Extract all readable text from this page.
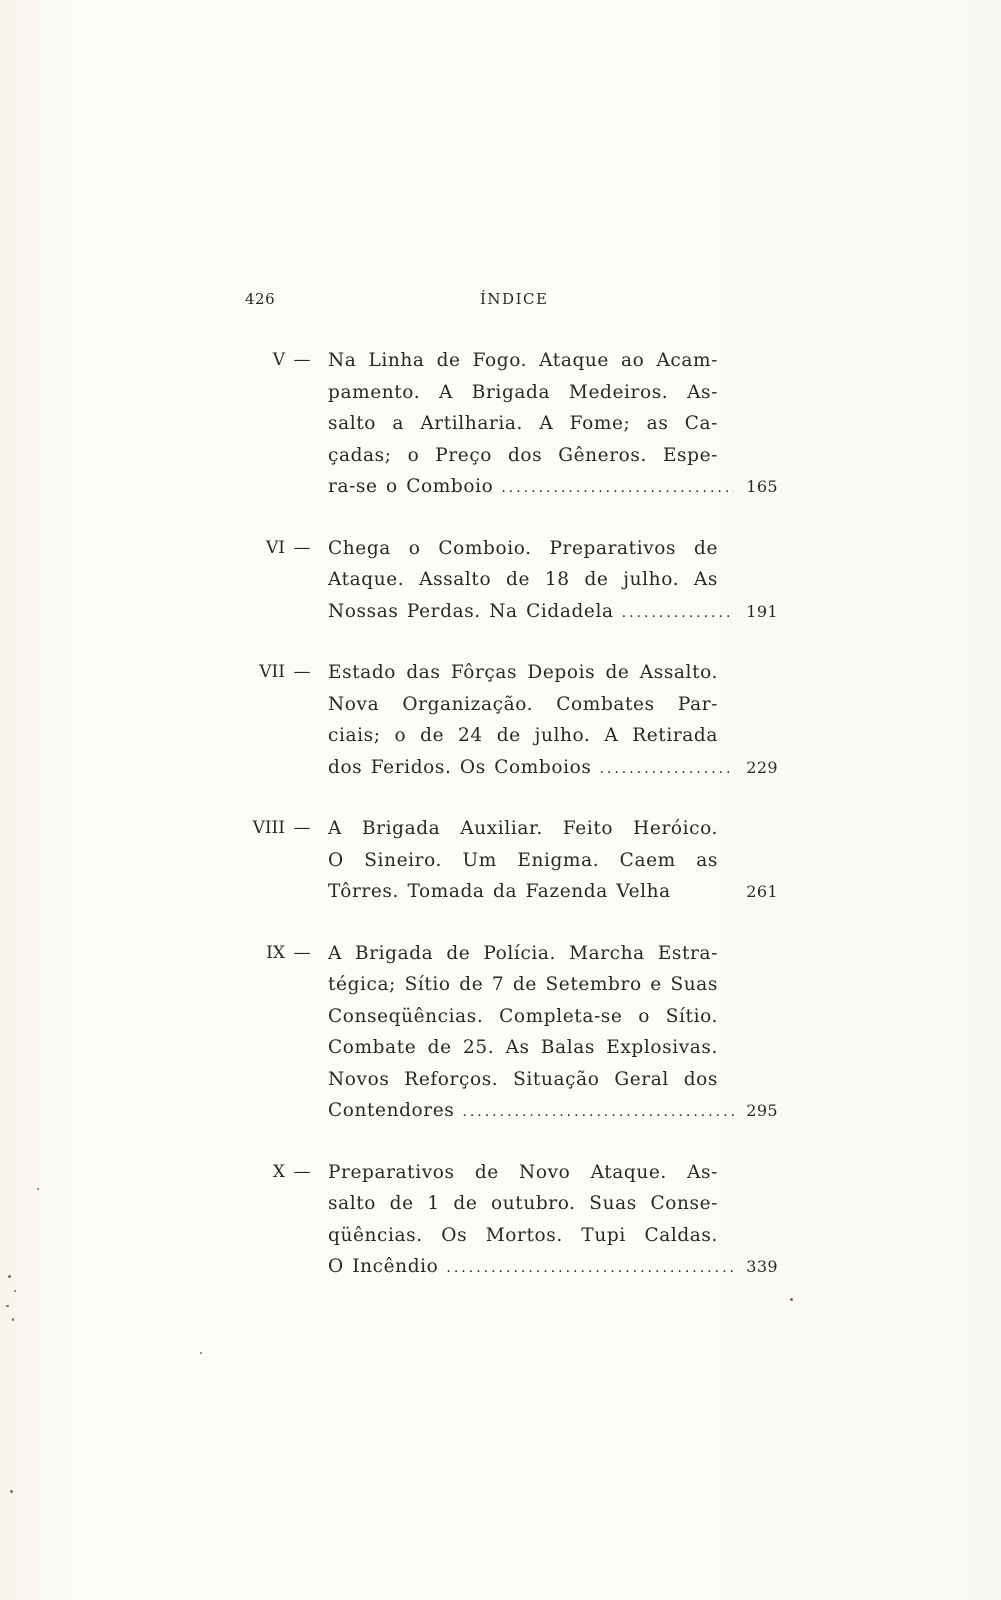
426	ÍNDICE
V — Na Linha de Fogo. Ataque ao Acam-
pamento. A Brigada Medeiros. As-
salto a Artilharia. A Fome; as Ca-
çadas; o Preço dos Gêneros. Espe-
ra-se o Comboio .....	165
VI — Chega o Comboio. Preparativos de
Ataque. Assalto de 18 de julho. As
Nossas Perdas. Na Cidadela .....	191
VII — Estado das Fôrças Depois de Assalto.
Nova Organização. Combates Par-
ciais; o de 24 de julho. A Retirada
dos Feridos. Os Comboios .....	229
VIII — A Brigada Auxiliar. Feito Heróico.
O Sineiro. Um Enigma. Caem as
Tôrres. Tomada da Fazenda Velha	261
IX — A Brigada de Polícia. Marcha Estra-
tégica; Sítio de 7 de Setembro e Suas
Conseqüências. Completa-se o Sítio.
Combate de 25. As Balas Explosivas.
Novos Reforços. Situação Geral dos
Contendores .....	295
X — Preparativos de Novo Ataque. As-
salto de 1 de outubro. Suas Conse-
qüências. Os Mortos. Tupi Caldas.
O Incêndio .....	339
